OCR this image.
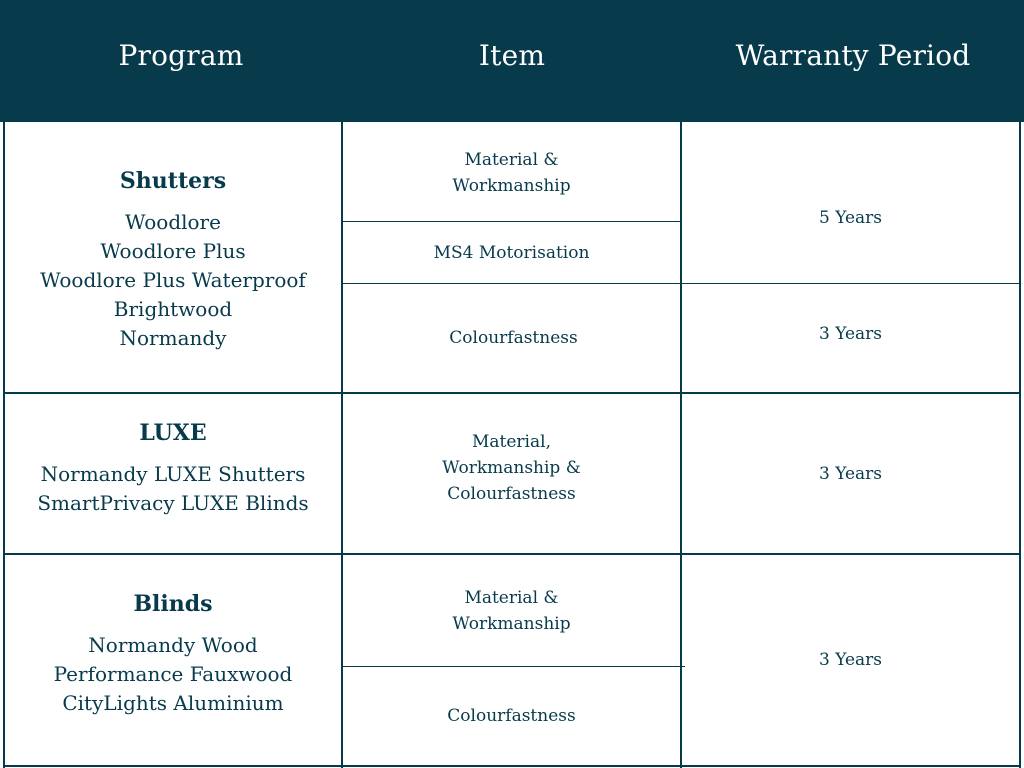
Program	Item	Warranty Period
Shutters
Woodlore
Woodlore Plus
Woodlore Plus Waterproof
Brightwood
Normandy
Material &
Workmanship
MS4 Motorisation
Colourfastness
5 Years
3 Years
LUXE
Normandy LUXE Shutters
SmartPrivacy LUXE Blinds
Material,
Workmanship &
Colourfastness
3 Years
Blinds
Normandy Wood
Performance Fauxwood
CityLights Aluminium
Material &
Workmanship
Colourfastness
3 Years
